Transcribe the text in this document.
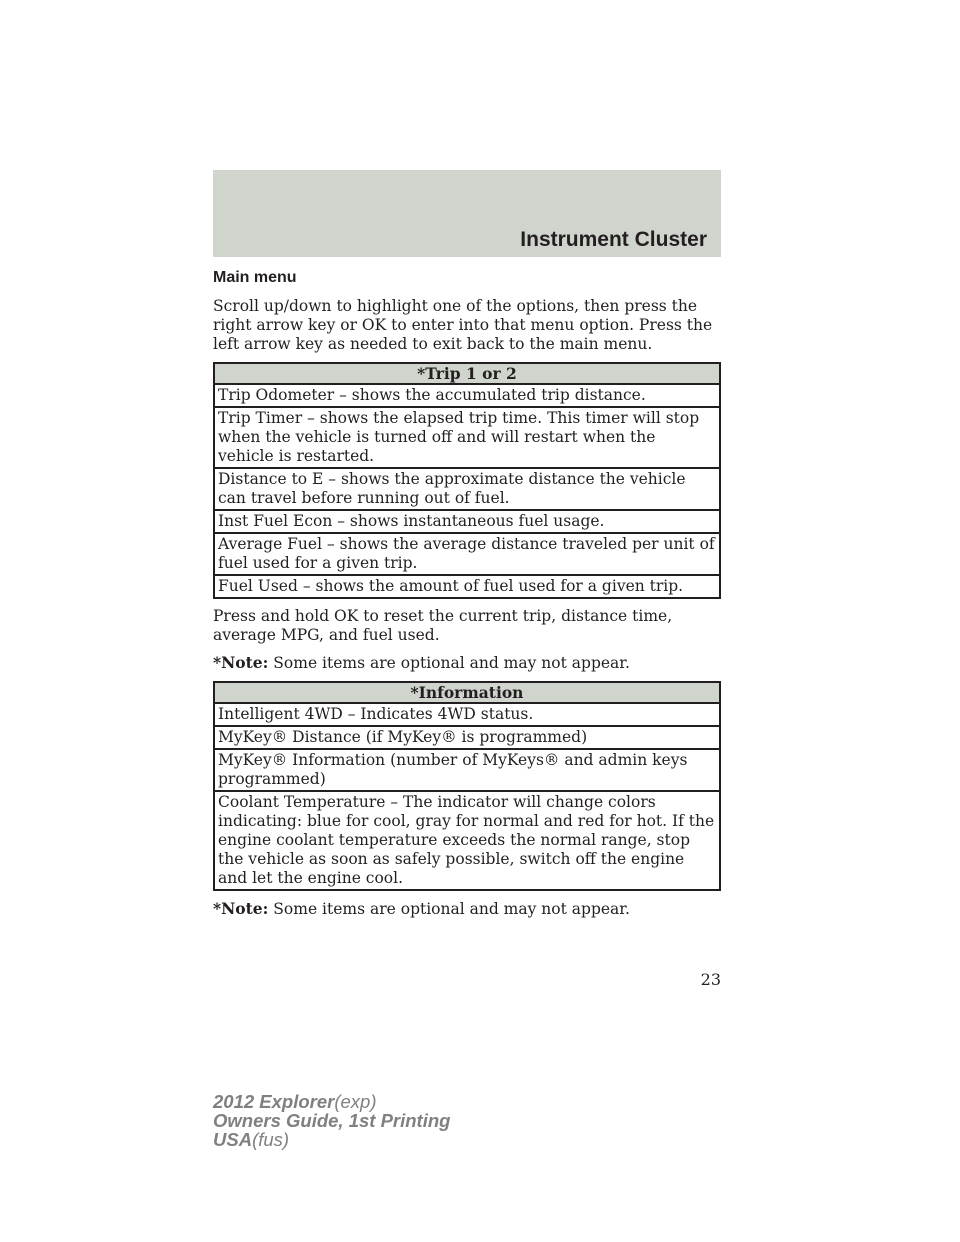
Instrument Cluster
Main menu

Scroll up/down to highlight one of the options, then press the right arrow key or OK to enter into that menu option. Press the left arrow key as needed to exit back to the main menu.

*Trip 1 or 2
Trip Odometer – shows the accumulated trip distance.
Trip Timer – shows the elapsed trip time. This timer will stop when the vehicle is turned off and will restart when the vehicle is restarted.
Distance to E – shows the approximate distance the vehicle can travel before running out of fuel.
Inst Fuel Econ – shows instantaneous fuel usage.
Average Fuel – shows the average distance traveled per unit of fuel used for a given trip.
Fuel Used – shows the amount of fuel used for a given trip.

Press and hold OK to reset the current trip, distance time, average MPG, and fuel used.

*Note: Some items are optional and may not appear.

*Information
Intelligent 4WD – Indicates 4WD status.
MyKey® Distance (if MyKey® is programmed)
MyKey® Information (number of MyKeys® and admin keys programmed)
Coolant Temperature – The indicator will change colors indicating: blue for cool, gray for normal and red for hot. If the engine coolant temperature exceeds the normal range, stop the vehicle as soon as safely possible, switch off the engine and let the engine cool.

*Note: Some items are optional and may not appear.

23
2012 Explorer(exp)
Owners Guide, 1st Printing
USA(fus)
